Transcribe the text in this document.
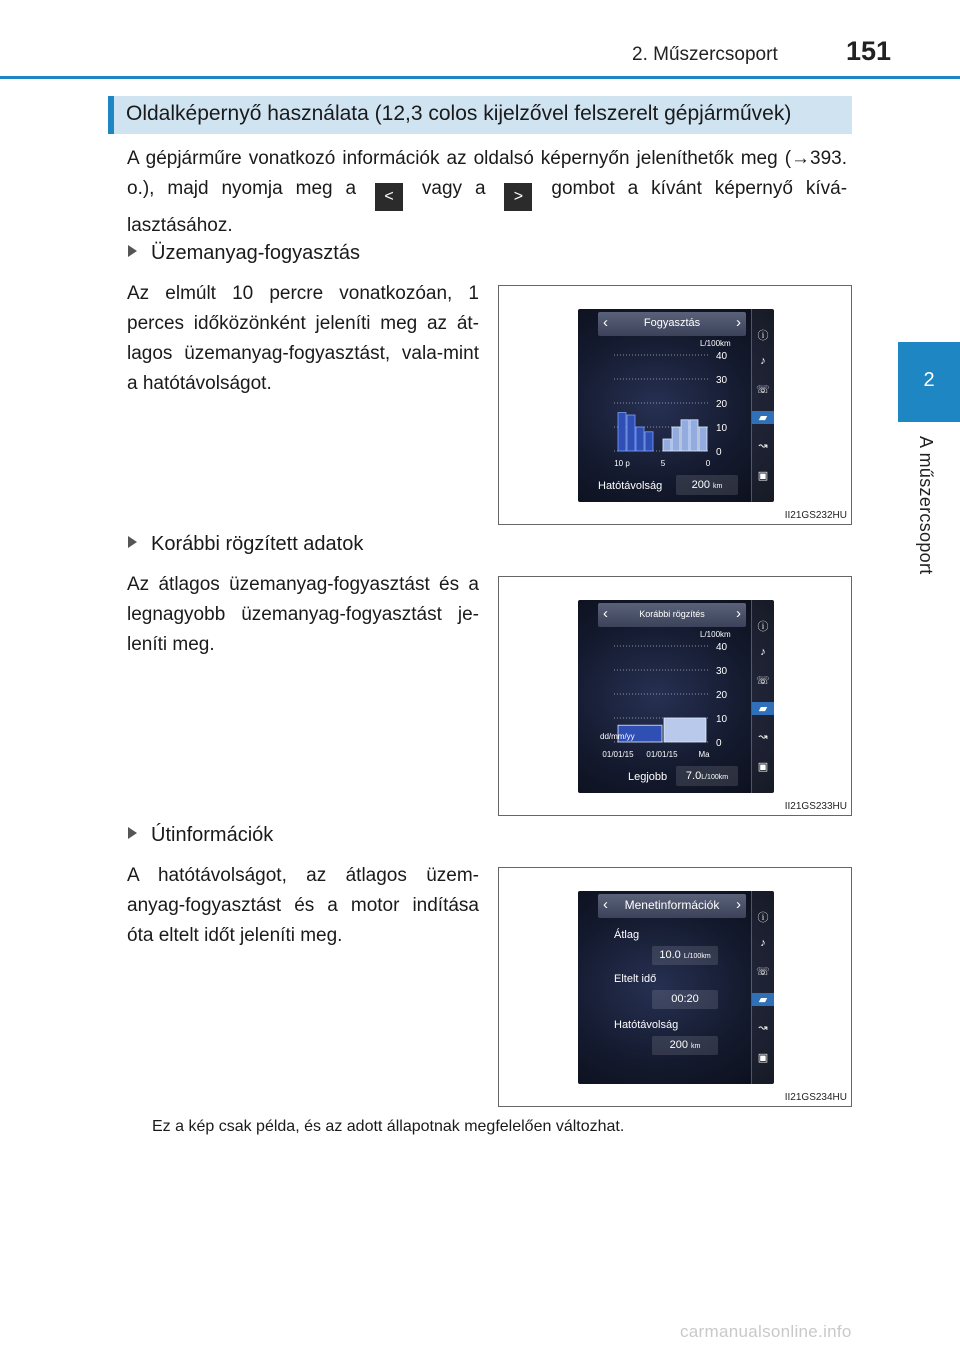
2. Műszercsoport	151
2
A műszercsoport
Oldalképernyő használata (12,3 colos kijelzővel felszerelt gépjárművek)
A gépjárműre vonatkozó információk az oldalsó képernyőn jeleníthetők meg (→393. o.), majd nyomja meg a < vagy a > gombot a kívánt képernyő kívá-lasztásához.
Üzemanyag-fogyasztás
Az elmúlt 10 percre vonatkozóan, 1 perces időközönként jeleníti meg az át-lagos üzemanyag-fogyasztást, vala-mint a hatótávolságot.
‹	Fogyasztás	›
L/100km
0
10
20
30
40
10 p	5	0
Hatótávolság	200 km
ⓘ
♪
☏
▰
↝
▣
II21GS232HU
Korábbi rögzített adatok
Az átlagos üzemanyag-fogyasztást és a legnagyobb üzemanyag-fogyasztást je-leníti meg.
‹	Korábbi rögzítés	›
L/100km
0
10
20
30
40
01/01/15 01/01/15	Ma
dd/mm/yy
Legjobb	7.0L/100km
ⓘ
♪
☏
▰
↝
▣
II21GS233HU
Útinformációk
A hatótávolságot, az átlagos üzem-anyag-fogyasztást és a motor indítása óta eltelt időt jeleníti meg.
‹	Menetinformációk	›
Átlag
10.0 L/100km
Eltelt idő
00:20
Hatótávolság
200 km
ⓘ
♪
☏
▰
↝
▣
II21GS234HU
Ez a kép csak példa, és az adott állapotnak megfelelően változhat.
carmanualsonline.info
